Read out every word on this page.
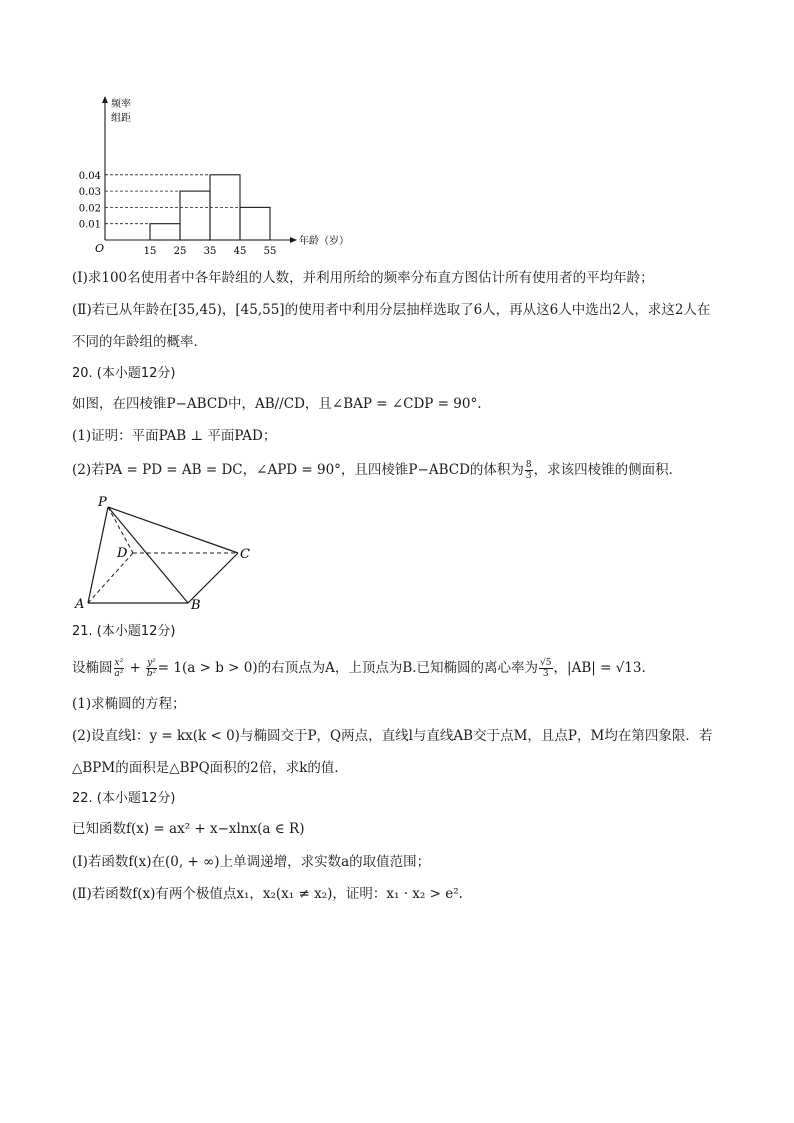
0.04
0.03
0.02
0.01
15 25 35 45 55
O
频率
组距
年龄（岁）
(Ⅰ)求100名使用者中各年龄组的人数，并利用所给的频率分布直方图估计所有使用者的平均年龄；
(Ⅱ)若已从年龄在[35,45)，[45,55]的使用者中利用分层抽样选取了6人，再从这6人中选出2人，求这2人在
不同的年龄组的概率．
20. (本小题12分)
如图，在四棱锥P−ABCD中，AB//CD，且∠BAP = ∠CDP = 90°.
(1)证明：平面PAB ⊥ 平面PAD；
(2)若PA = PD = AB = DC，∠APD = 90°，且四棱锥P−ABCD的体积为 $\frac{8}{3}$ ，求该四棱锥的侧面积．
P
D	C
A	B
21. (本小题12分)
设椭圆 $\frac{\text{x²}}{\text{a²}} + \frac{\text{y²}}{\text{b²}} = 1(a > b > 0)$的右顶点为A，上顶点为B.已知椭圆的离心率为 $\frac{√5}{3}$ ，|AB| = √13.
(1)求椭圆的方程；
(2)设直线l：y = kx(k < 0)与椭圆交于P，Q两点，直线l与直线AB交于点M，且点P，M均在第四象限．若
△BPM的面积是△BPQ面积的2倍，求k的值．
22. (本小题12分)
已知函数f(x) = ax² + x−xlnx(a ∈ R)
(Ⅰ)若函数f(x)在(0, + ∞)上单调递增，求实数a的取值范围；
(Ⅱ)若函数f(x)有两个极值点x₁，x₂(x₁ ≠ x₂)，证明：x₁ · x₂ > e².
